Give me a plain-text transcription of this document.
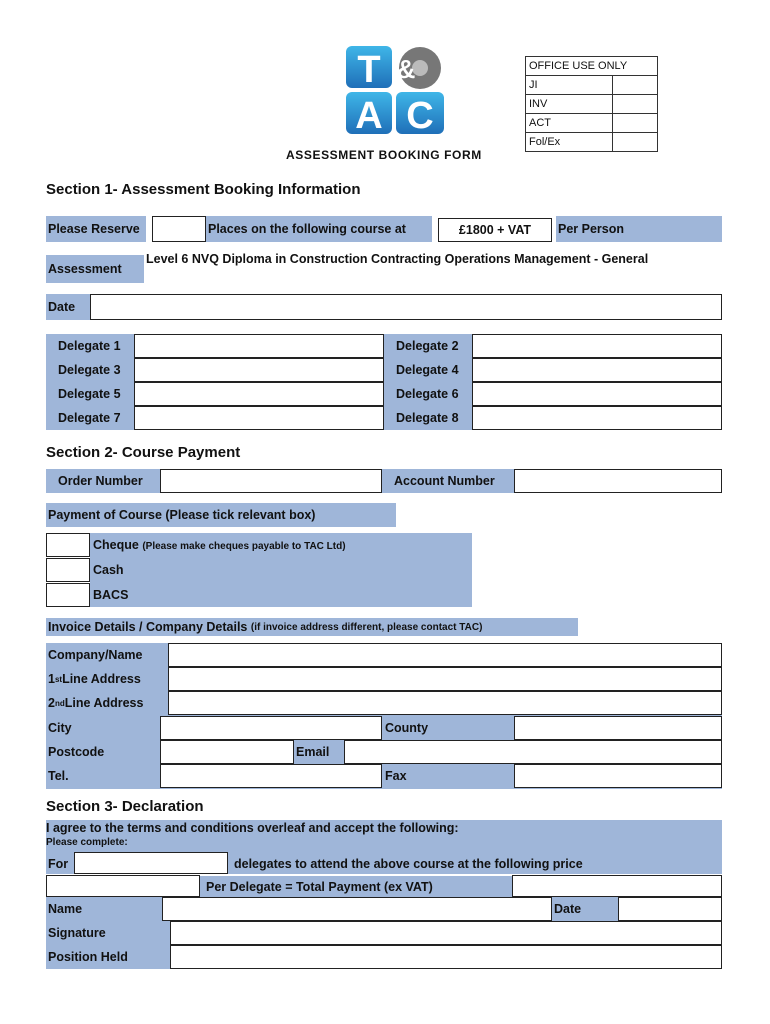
T
A C
&
ASSESSMENT BOOKING FORM
OFFICE USE ONLY	
JI	
INV	
ACT	
Fol/Ex	
Section 1- Assessment Booking Information
Please Reserve	Places on the following course at	£1800 + VAT Per Person
Assessment
Level 6 NVQ Diploma in Construction Contracting Operations Management - General
Date
Delegate 1	Delegate 2
Delegate 3	Delegate 4
Delegate 5	Delegate 6
Delegate 7	Delegate 8
Section 2- Course Payment
Order Number	Account Number
Payment of Course (Please tick relevant box)
Cheque (Please make cheques payable to TAC Ltd)
Cash
BACS
Invoice Details / Company Details
(if invoice address different, please contact TAC)
Company/Name
1 st Line Address
2 nd Line Address
City	County
Postcode	Email
Tel.	Fax
Section 3- Declaration
I agree to the terms and conditions overleaf and accept the following:
Please complete:
For	delegates to attend the above course at the following price
Per Delegate = Total Payment (ex VAT)
Name	Date
Signature
Position Held
